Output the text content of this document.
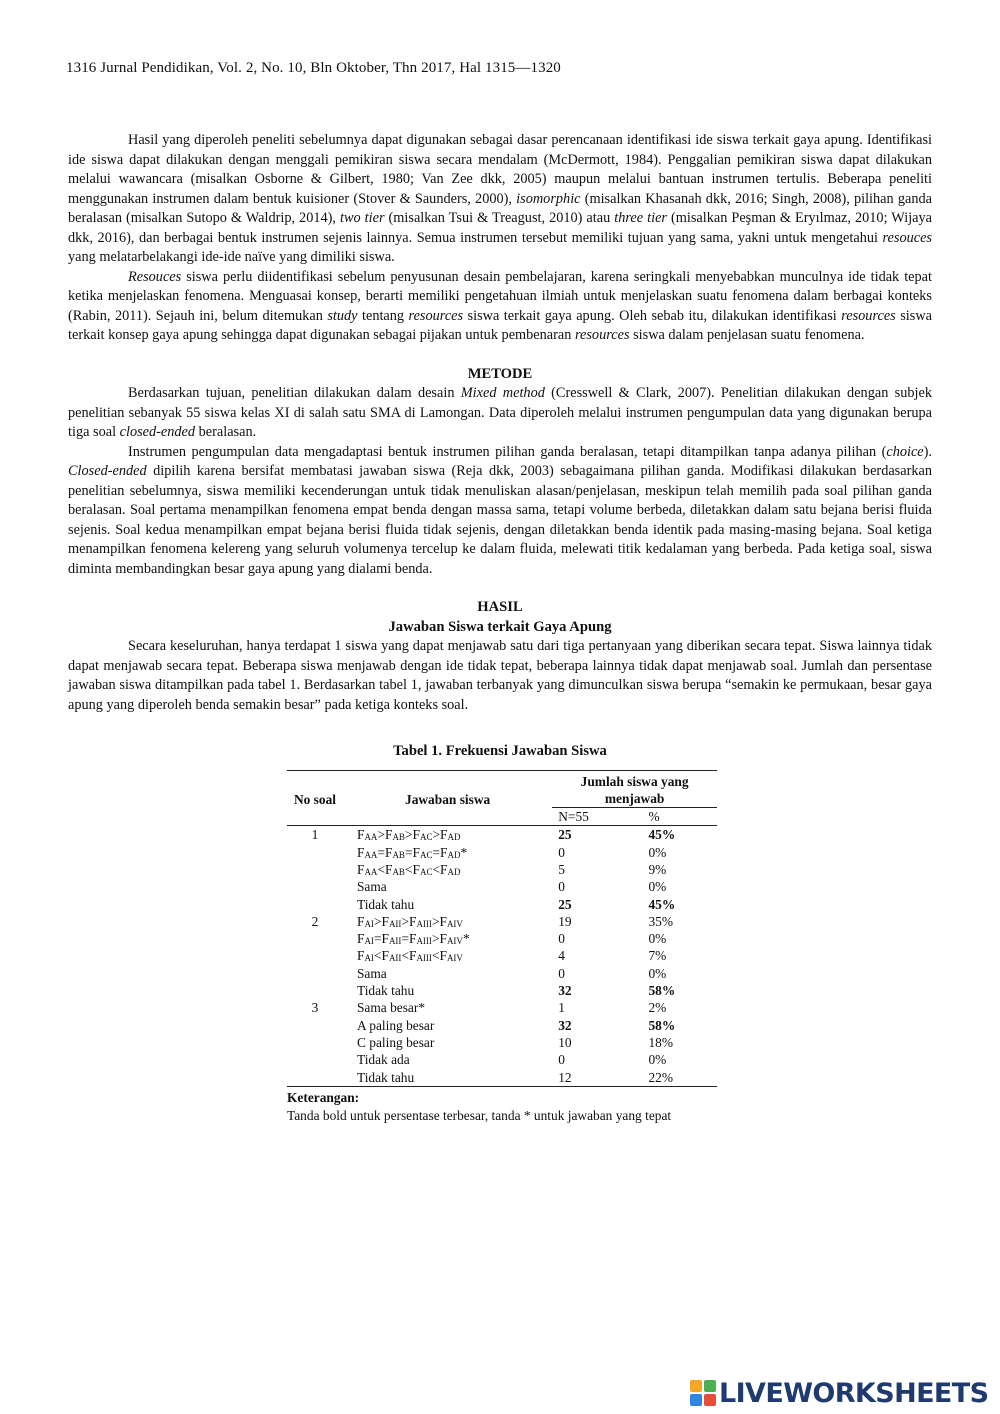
1316 Jurnal Pendidikan, Vol. 2, No. 10, Bln Oktober, Thn 2017, Hal 1315—1320

Hasil yang diperoleh peneliti sebelumnya dapat digunakan sebagai dasar perencanaan identifikasi ide siswa terkait gaya apung. Identifikasi ide siswa dapat dilakukan dengan menggali pemikiran siswa secara mendalam (McDermott, 1984). Penggalian pemikiran siswa dapat dilakukan melalui wawancara (misalkan Osborne & Gilbert, 1980; Van Zee dkk, 2005) maupun melalui bantuan instrumen tertulis. Beberapa peneliti menggunakan instrumen dalam bentuk kuisioner (Stover & Saunders, 2000), isomorphic (misalkan Khasanah dkk, 2016; Singh, 2008), pilihan ganda beralasan (misalkan Sutopo & Waldrip, 2014), two tier (misalkan Tsui & Treagust, 2010) atau three tier (misalkan Peşman & Eryılmaz, 2010; Wijaya dkk, 2016), dan berbagai bentuk instrumen sejenis lainnya. Semua instrumen tersebut memiliki tujuan yang sama, yakni untuk mengetahui resouces yang melatarbelakangi ide-ide naïve yang dimiliki siswa.

Resouces siswa perlu diidentifikasi sebelum penyusunan desain pembelajaran, karena seringkali menyebabkan munculnya ide tidak tepat ketika menjelaskan fenomena. Menguasai konsep, berarti memiliki pengetahuan ilmiah untuk menjelaskan suatu fenomena dalam berbagai konteks (Rabin, 2011). Sejauh ini, belum ditemukan study tentang resources siswa terkait gaya apung. Oleh sebab itu, dilakukan identifikasi resources siswa terkait konsep gaya apung sehingga dapat digunakan sebagai pijakan untuk pembenaran resources siswa dalam penjelasan suatu fenomena.

METODE

Berdasarkan tujuan, penelitian dilakukan dalam desain Mixed method (Cresswell & Clark, 2007). Penelitian dilakukan dengan subjek penelitian sebanyak 55 siswa kelas XI di salah satu SMA di Lamongan. Data diperoleh melalui instrumen pengumpulan data yang digunakan berupa tiga soal closed-ended beralasan.

Instrumen pengumpulan data mengadaptasi bentuk instrumen pilihan ganda beralasan, tetapi ditampilkan tanpa adanya pilihan (choice). Closed-ended dipilih karena bersifat membatasi jawaban siswa (Reja dkk, 2003) sebagaimana pilihan ganda. Modifikasi dilakukan berdasarkan penelitian sebelumnya, siswa memiliki kecenderungan untuk tidak menuliskan alasan/penjelasan, meskipun telah memilih pada soal pilihan ganda beralasan. Soal pertama menampilkan fenomena empat benda dengan massa sama, tetapi volume berbeda, diletakkan dalam satu bejana berisi fluida sejenis. Soal kedua menampilkan empat bejana berisi fluida tidak sejenis, dengan diletakkan benda identik pada masing-masing bejana. Soal ketiga menampilkan fenomena kelereng yang seluruh volumenya tercelup ke dalam fluida, melewati titik kedalaman yang berbeda. Pada ketiga soal, siswa diminta membandingkan besar gaya apung yang dialami benda.

HASIL
Jawaban Siswa terkait Gaya Apung

Secara keseluruhan, hanya terdapat 1 siswa yang dapat menjawab satu dari tiga pertanyaan yang diberikan secara tepat. Siswa lainnya tidak dapat menjawab secara tepat. Beberapa siswa menjawab dengan ide tidak tepat, beberapa lainnya tidak dapat menjawab soal. Jumlah dan persentase jawaban siswa ditampilkan pada tabel 1. Berdasarkan tabel 1, jawaban terbanyak yang dimunculkan siswa berupa “semakin ke permukaan, besar gaya apung yang diperoleh benda semakin besar” pada ketiga konteks soal.

Tabel 1. Frekuensi Jawaban Siswa
No soal	Jawaban siswa	Jumlah siswa yang menjawab	
		N=55	%
1	$F_{AA}>F_{AB}>F_{AC}>F_{AD}$	25	45%
	$F_{AA}=F_{AB}=F_{AC}=F_{AD}*$	0	0%
	$F_{AA}<F_{AB}<F_{AC}<F_{AD}$	5	9%
	Sama	0	0%
	Tidak tahu	25	45%
2	$F_{AI}>F_{AII}>F_{AIII}>F_{AIV}$	19	35%
	$F_{AI}=F_{AII}=F_{AIII}>F_{AIV}*$	0	0%
	$F_{AI}<F_{AII}<F_{AIII}<F_{AIV}$	4	7%
	Sama	0	0%
	Tidak tahu	32	58%
3	Sama besar*	1	2%
	A paling besar	32	58%
	C paling besar	10	18%
	Tidak ada	0	0%
	Tidak tahu	12	22%
Keterangan:
Tanda bold untuk persentase terbesar, tanda * untuk jawaban yang tepat
LIVEWORKSHEETS
